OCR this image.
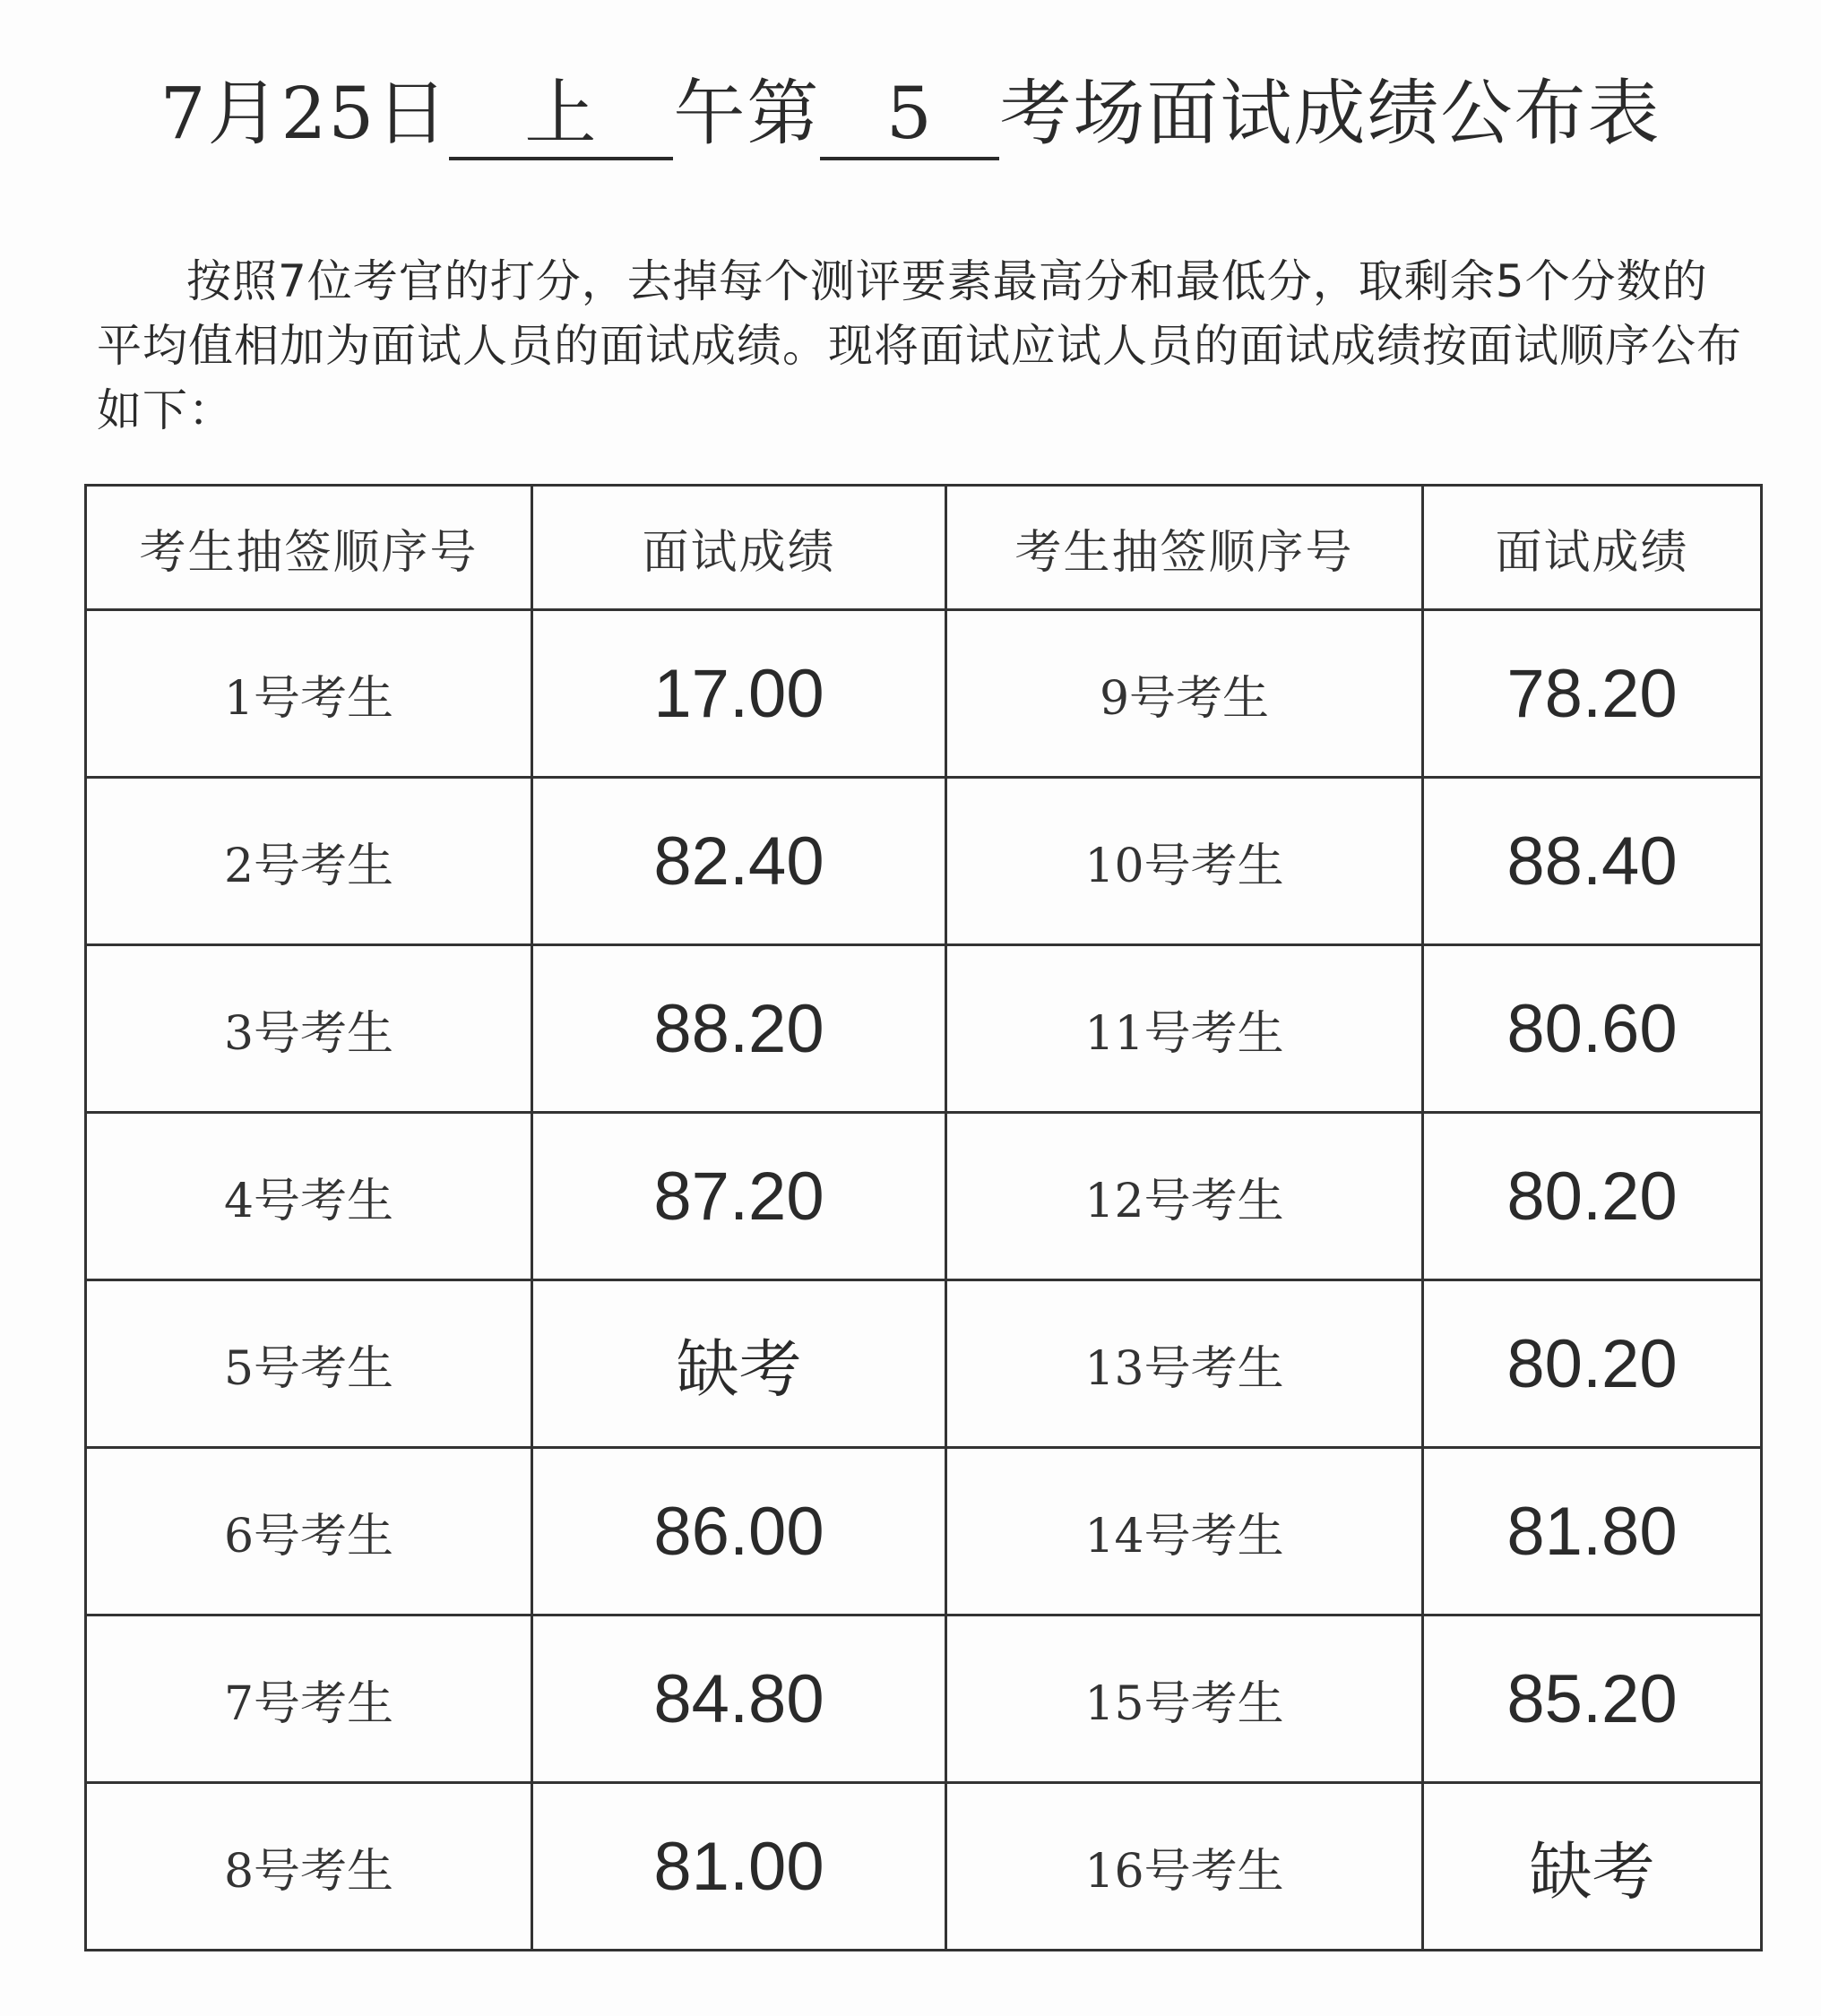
7月25日 上 午第 5 考场面试成绩公布表
按照7位考官的打分，去掉每个测评要素最高分和最低分，取剩余5个分数的平均值相加为面试人员的面试成绩。现将面试应试人员的面试成绩按面试顺序公布如下：
考生抽签顺序号	面试成绩	考生抽签顺序号	面试成绩
1号考生	17.00	9号考生	78.20
2号考生	82.40	10号考生	88.40
3号考生	88.20	11号考生	80.60
4号考生	87.20	12号考生	80.20
5号考生	缺考	13号考生	80.20
6号考生	86.00	14号考生	81.80
7号考生	84.80	15号考生	85.20
8号考生	81.00	16号考生	缺考
